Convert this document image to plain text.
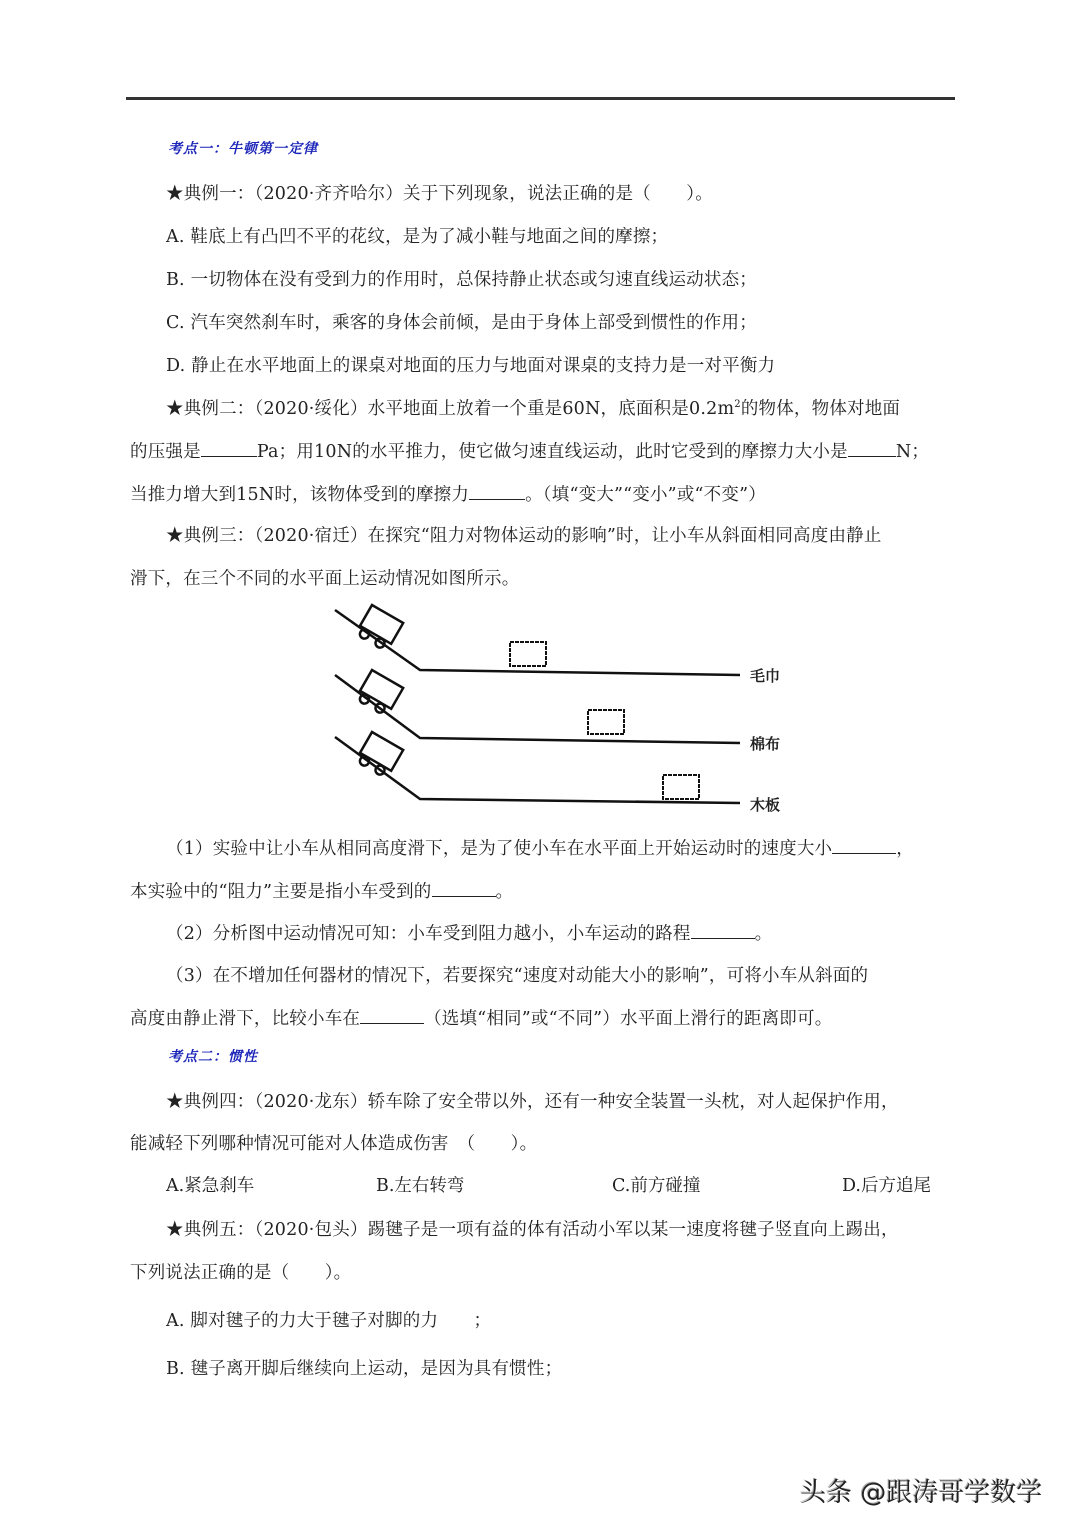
考点一：牛顿第一定律
★典例一：（2020·齐齐哈尔）关于下列现象，说法正确的是（　　）。
A. 鞋底上有凸凹不平的花纹，是为了减小鞋与地面之间的摩擦；
B. 一切物体在没有受到力的作用时，总保持静止状态或匀速直线运动状态；
C. 汽车突然刹车时，乘客的身体会前倾，是由于身体上部受到惯性的作用；
D. 静止在水平地面上的课桌对地面的压力与地面对课桌的支持力是一对平衡力
★典例二：（2020·绥化）水平地面上放着一个重是60N，底面积是$0.2m^2$的物体，物体对地面
的压强是	Pa；用10N的水平推力，使它做匀速直线运动，此时它受到的摩擦力大小是	N；
当推力增大到15N时，该物体受到的摩擦力	。（填“变大”“变小”或“不变”）
★典例三：（2020·宿迁）在探究“阻力对物体运动的影响”时，让小车从斜面相同高度由静止
滑下，在三个不同的水平面上运动情况如图所示。
毛巾
棉布
木板
（1）实验中让小车从相同高度滑下，是为了使小车在水平面上开始运动时的速度大小	，
本实验中的“阻力”主要是指小车受到的	。
（2）分析图中运动情况可知：小车受到阻力越小，小车运动的路程	。
（3）在不增加任何器材的情况下，若要探究“速度对动能大小的影响”，可将小车从斜面的
高度由静止滑下，比较小车在	（选填“相同”或“不同”）水平面上滑行的距离即可。
考点二：惯性
★典例四：（2020·龙东）轿车除了安全带以外，还有一种安全装置一头枕，对人起保护作用，
能减轻下列哪种情况可能对人体造成伤害　（　　）。
A.紧急刹车	B.左右转弯	C.前方碰撞	D.后方追尾
★典例五：（2020·包头）踢毽子是一项有益的体有活动小军以某一速度将毽子竖直向上踢出，
下列说法正确的是（　　）。
A. 脚对毽子的力大于毽子对脚的力　　；
B. 毽子离开脚后继续向上运动，是因为具有惯性；
头条 @跟涛哥学数学
